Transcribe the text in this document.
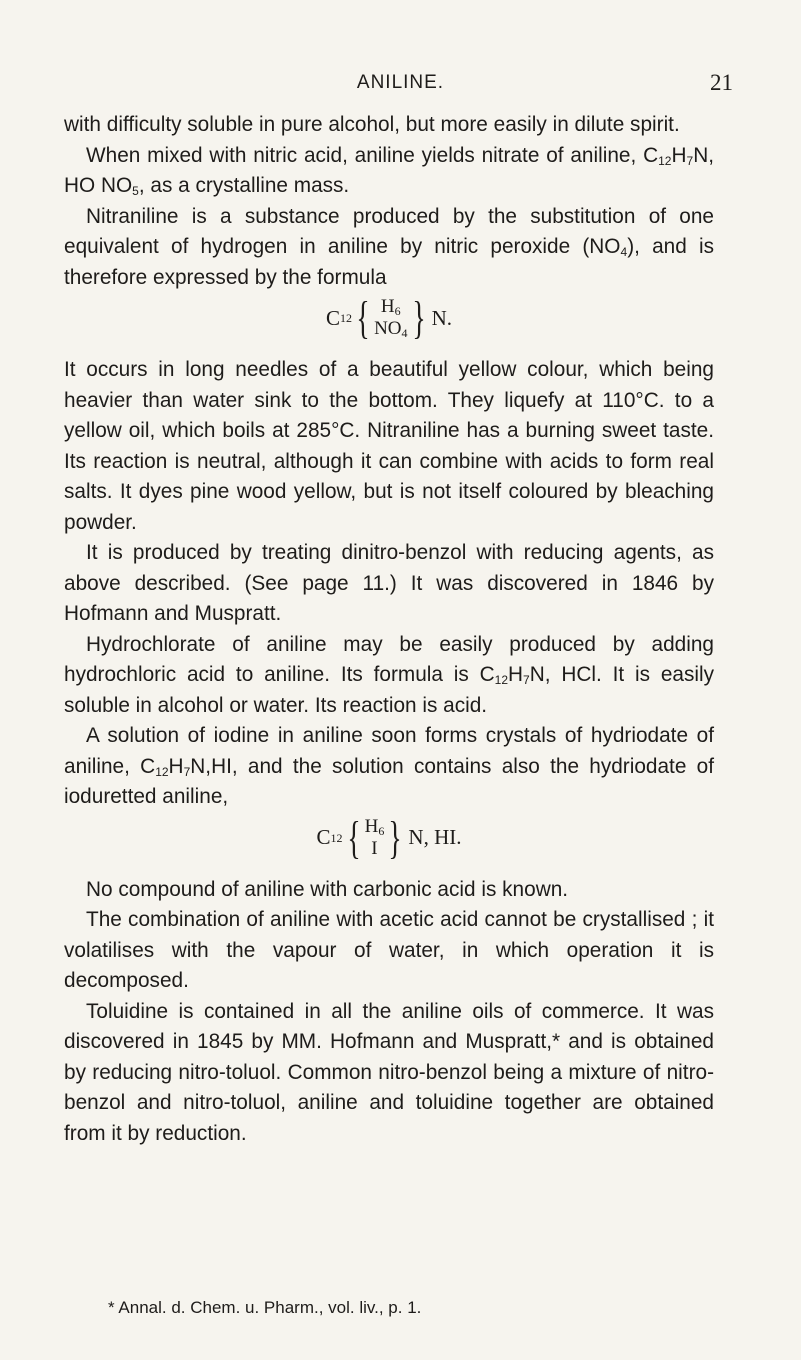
ANILINE.	21

with difficulty soluble in pure alcohol, but more easily in dilute spirit.

When mixed with nitric acid, aniline yields nitrate of aniline, $C_{12}H_7N$, HO $NO_5$, as a crystalline mass.

Nitraniline is a substance produced by the substitution of one equivalent of hydrogen in aniline by nitric peroxide $(NO_4)$, and is therefore expressed by the formula

C 12 { $H_6$
$NO_4$ } N.

It occurs in long needles of a beautiful yellow colour, which being heavier than water sink to the bottom. They liquefy at 110°C. to a yellow oil, which boils at 285°C. Nitraniline has a burning sweet taste. Its reaction is neutral, although it can combine with acids to form real salts. It dyes pine wood yellow, but is not itself coloured by bleaching powder.

It is produced by treating dinitro-benzol with reducing agents, as above described. (See page 11.) It was discovered in 1846 by Hofmann and Muspratt.

Hydrochlorate of aniline may be easily produced by adding hydrochloric acid to aniline. Its formula is $C_{12}H_7N$, HCl. It is easily soluble in alcohol or water. Its reaction is acid.

A solution of iodine in aniline soon forms crystals of hydriodate of aniline, $C_{12}H_7N,HI$, and the solution contains also the hydriodate of ioduretted aniline,

C 12 { $H_6$
I } N, HI.

No compound of aniline with carbonic acid is known.

The combination of aniline with acetic acid cannot be crystallised ; it volatilises with the vapour of water, in which operation it is decomposed.

Toluidine is contained in all the aniline oils of commerce. It was discovered in 1845 by MM. Hofmann and Muspratt,* and is obtained by reducing nitro-toluol. Common nitro-benzol being a mixture of nitro-benzol and nitro-toluol, aniline and toluidine together are obtained from it by reduction.

* Annal. d. Chem. u. Pharm., vol. liv., p. 1.
